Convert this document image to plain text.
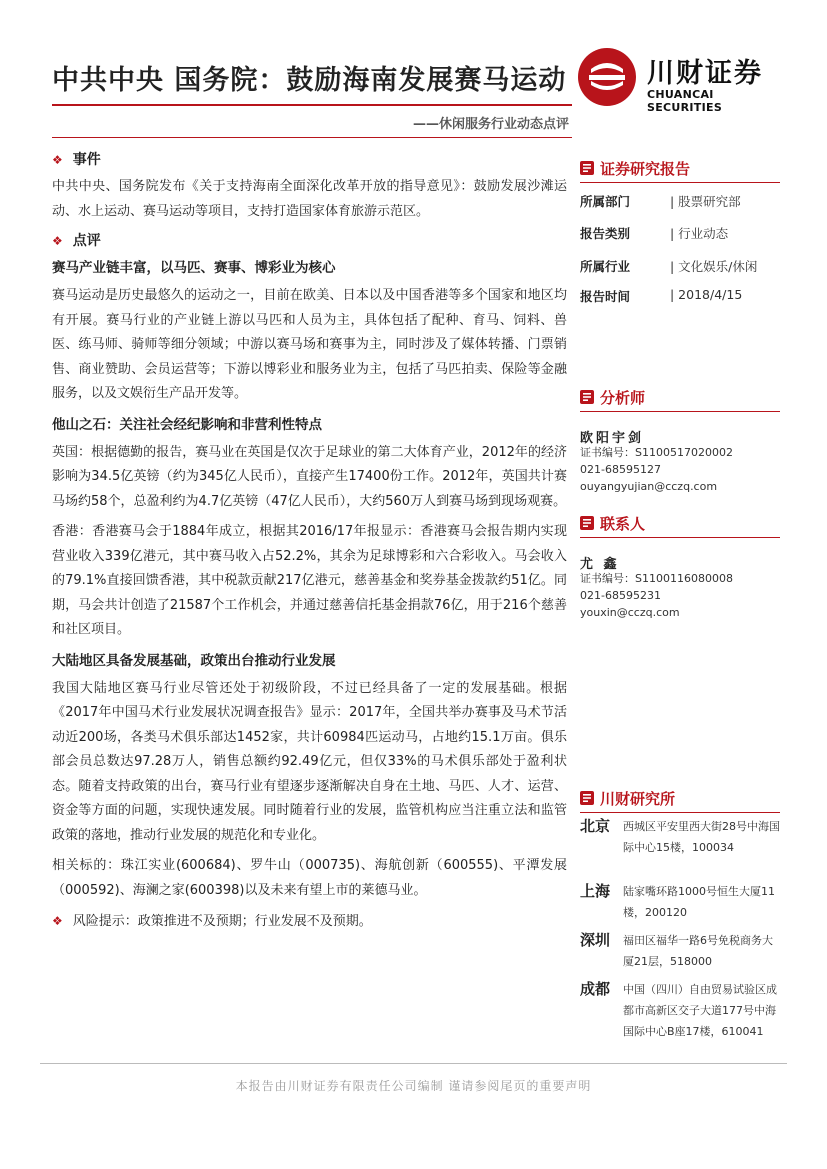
中共中央 国务院：鼓励海南发展赛马运动	川财证券
CHUANCAI SECURITIES
——休闲服务行业动态点评
❖ 事件

中共中央、国务院发布《关于支持海南全面深化改革开放的指导意见》：鼓励发展沙滩运动、水上运动、赛马运动等项目，支持打造国家体育旅游示范区。

❖ 点评

赛马产业链丰富，以马匹、赛事、博彩业为核心

赛马运动是历史最悠久的运动之一，目前在欧美、日本以及中国香港等多个国家和地区均有开展。赛马行业的产业链上游以马匹和人员为主，具体包括了配种、育马、饲料、兽医、练马师、骑师等细分领域；中游以赛马场和赛事为主，同时涉及了媒体转播、门票销售、商业赞助、会员运营等；下游以博彩业和服务业为主，包括了马匹拍卖、保险等金融服务，以及文娱衍生产品开发等。

他山之石：关注社会经纪影响和非营利性特点

英国：根据德勤的报告，赛马业在英国是仅次于足球业的第二大体育产业，2012年的经济影响为34.5亿英镑（约为345亿人民币），直接产生17400份工作。2012年，英国共计赛马场约58个，总盈利约为4.7亿英镑（47亿人民币），大约560万人到赛马场到现场观赛。

香港：香港赛马会于1884年成立，根据其2016/17年报显示：香港赛马会报告期内实现营业收入339亿港元，其中赛马收入占52.2%，其余为足球博彩和六合彩收入。马会收入的79.1%直接回馈香港，其中税款贡献217亿港元，慈善基金和奖券基金拨款约51亿。同期，马会共计创造了21587个工作机会，并通过慈善信托基金捐款76亿，用于216个慈善和社区项目。

大陆地区具备发展基础，政策出台推动行业发展

我国大陆地区赛马行业尽管还处于初级阶段，不过已经具备了一定的发展基础。根据《2017年中国马术行业发展状况调查报告》显示：2017年，全国共举办赛事及马术节活动近200场，各类马术俱乐部达1452家，共计60984匹运动马，占地约15.1万亩。俱乐部会员总数达97.28万人，销售总额约92.49亿元，但仅33%的马术俱乐部处于盈利状态。随着支持政策的出台，赛马行业有望逐步逐渐解决自身在土地、马匹、人才、运营、资金等方面的问题，实现快速发展。同时随着行业的发展，监管机构应当注重立法和监管政策的落地，推动行业发展的规范化和专业化。

相关标的：珠江实业(600684)、罗牛山（000735)、海航创新（600555)、平潭发展（000592)、海澜之家(600398)以及未来有望上市的莱德马业。

❖ 风险提示：政策推进不及预期；行业发展不及预期。
证券研究报告
所属部门	| 股票研究部
报告类别	| 行业动态
所属行业	| 文化娱乐/休闲
报告时间	| 2018/4/15
分析师
欧阳宇剑
证书编号：S1100517020002
021-68595127
ouyangyujian@cczq.com
联系人
尤 鑫
证书编号：S1100116080008
021-68595231
youxin@cczq.com
川财研究所
北京 西城区平安里西大街28号中海国际中心15楼，100034
上海 陆家嘴环路1000号恒生大厦11楼，200120
深圳 福田区福华一路6号免税商务大厦21层，518000
成都 中国（四川）自由贸易试验区成都市高新区交子大道177号中海国际中心B座17楼，610041
本报告由川财证券有限责任公司编制 谨请参阅尾页的重要声明
